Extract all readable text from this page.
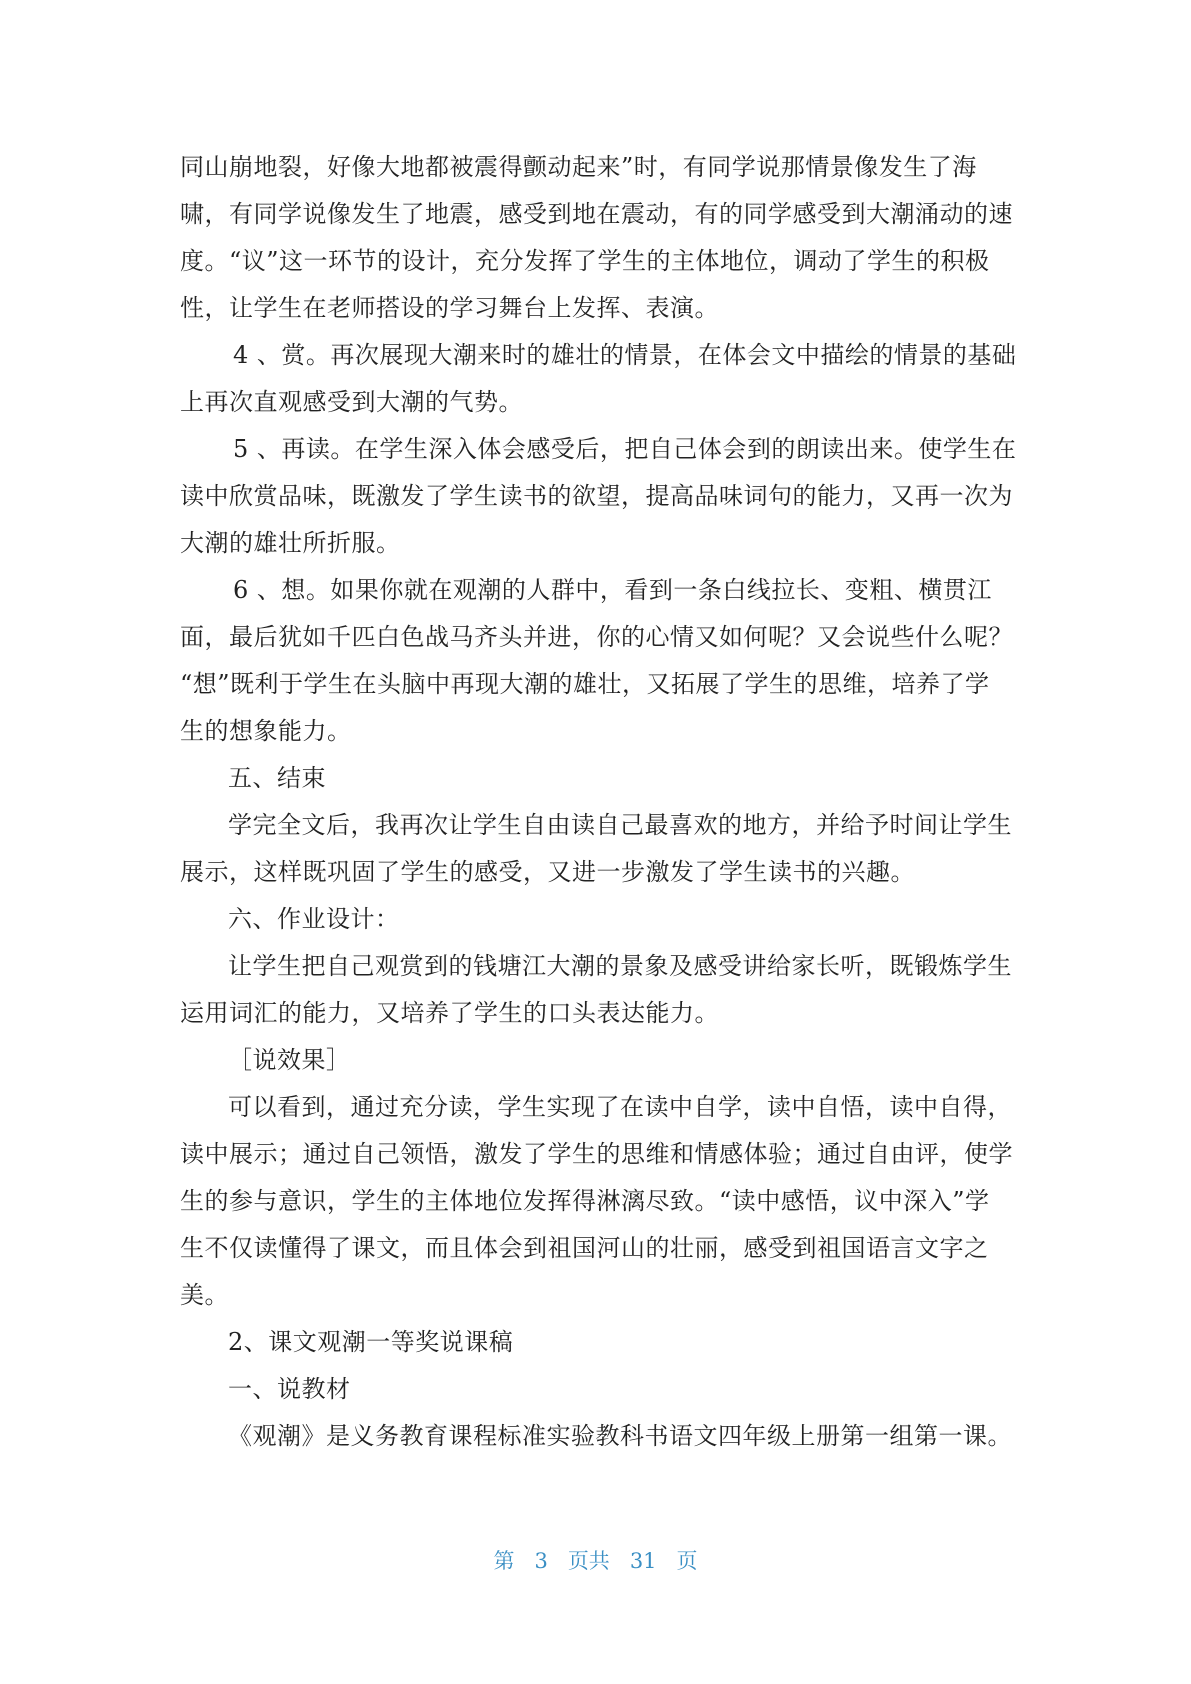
同山崩地裂，好像大地都被震得颤动起来”时，有同学说那情景像发生了海
啸，有同学说像发生了地震，感受到地在震动，有的同学感受到大潮涌动的速
度。“议”这一环节的设计，充分发挥了学生的主体地位，调动了学生的积极
性，让学生在老师搭设的学习舞台上发挥、表演。
4 、赏。再次展现大潮来时的雄壮的情景，在体会文中描绘的情景的基础
上再次直观感受到大潮的气势。
5 、再读。在学生深入体会感受后，把自己体会到的朗读出来。使学生在
读中欣赏品味，既激发了学生读书的欲望，提高品味词句的能力，又再一次为
大潮的雄壮所折服。
6 、想。如果你就在观潮的人群中，看到一条白线拉长、变粗、横贯江
面，最后犹如千匹白色战马齐头并进，你的心情又如何呢？又会说些什么呢？
“想”既利于学生在头脑中再现大潮的雄壮，又拓展了学生的思维，培养了学
生的想象能力。
五、结束
学完全文后，我再次让学生自由读自己最喜欢的地方，并给予时间让学生
展示，这样既巩固了学生的感受，又进一步激发了学生读书的兴趣。
六、作业设计：
让学生把自己观赏到的钱塘江大潮的景象及感受讲给家长听，既锻炼学生
运用词汇的能力，又培养了学生的口头表达能力。
［说效果］
可以看到，通过充分读，学生实现了在读中自学，读中自悟，读中自得，
读中展示；通过自己领悟，激发了学生的思维和情感体验；通过自由评，使学
生的参与意识，学生的主体地位发挥得淋漓尽致。“读中感悟，议中深入”学
生不仅读懂得了课文，而且体会到祖国河山的壮丽，感受到祖国语言文字之
美。
2、课文观潮一等奖说课稿
一、说教材
《观潮》是义务教育课程标准实验教科书语文四年级上册第一组第一课。
第 3 页共 31 页
